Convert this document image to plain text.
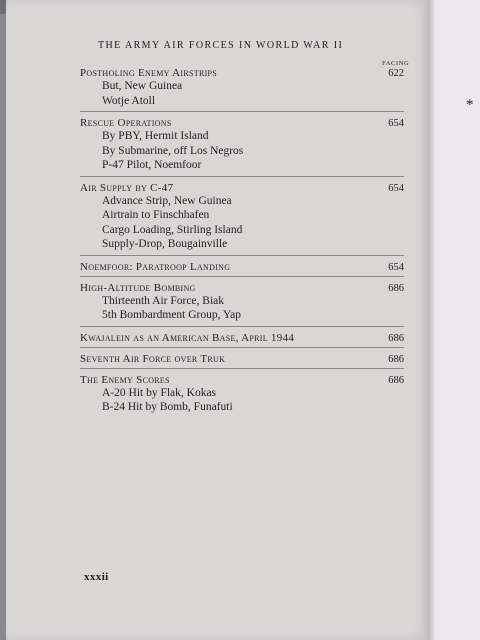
*
THE ARMY AIR FORCES IN WORLD WAR II
FACING
Postholing Enemy Airstrips	622
But, New Guinea
Wotje Atoll
Rescue Operations	654
By PBY, Hermit Island
By Submarine, off Los Negros
P-47 Pilot, Noemfoor
Air Supply by C-47	654
Advance Strip, New Guinea
Airtrain to Finschhafen
Cargo Loading, Stirling Island
Supply-Drop, Bougainville
Noemfoor: Paratroop Landing	654
High-Altitude Bombing	686
Thirteenth Air Force, Biak
5th Bombardment Group, Yap
Kwajalein as an American Base, April 1944	686
Seventh Air Force over Truk	686
The Enemy Scores	686
A-20 Hit by Flak, Kokas
B-24 Hit by Bomb, Funafuti
xxxii
